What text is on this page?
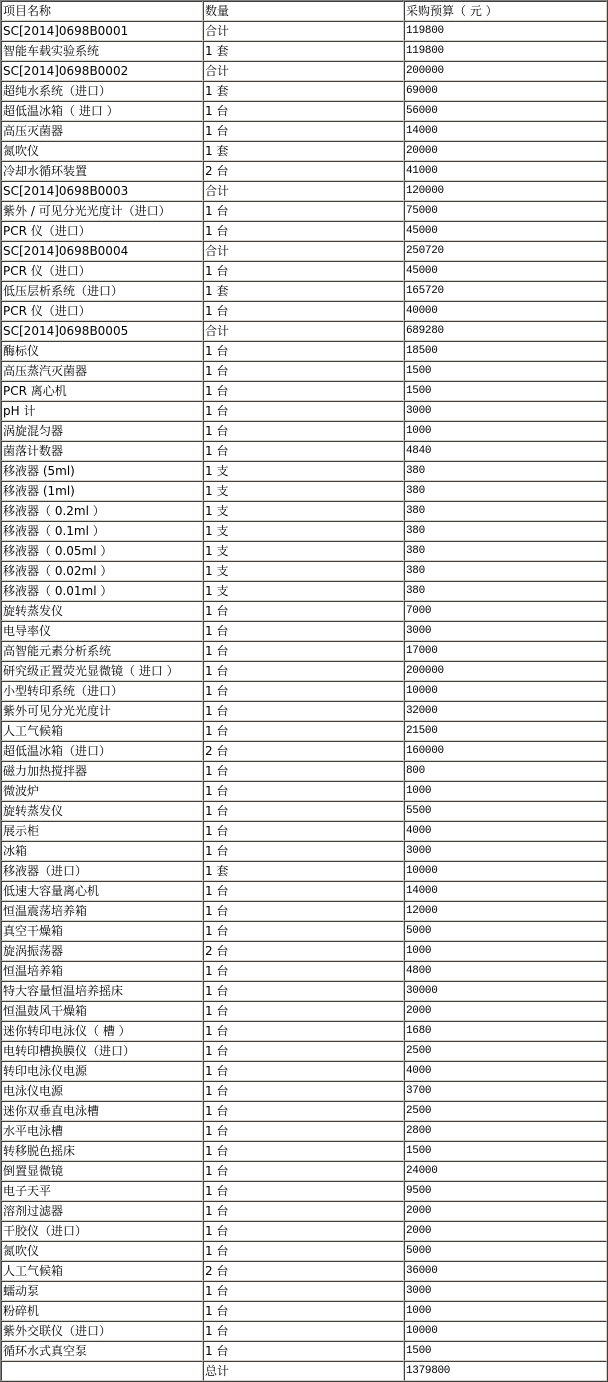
项目名称	数量	采购预算（ 元 ）
SC[2014]0698B0001	合计	119800
智能车载实验系统	1 套	119800
SC[2014]0698B0002	合计	200000
超纯水系统（进口）	1 套	69000
超低温冰箱（ 进口 ）	1 台	56000
高压灭菌器	1 台	14000
氮吹仪	1 套	20000
冷却水循环装置	2 台	41000
SC[2014]0698B0003	合计	120000
紫外 / 可见分光光度计（进口）	1 台	75000
PCR 仪（进口）	1 台	45000
SC[2014]0698B0004	合计	250720
PCR 仪（进口）	1 台	45000
低压层析系统（进口）	1 套	165720
PCR 仪（进口）	1 台	40000
SC[2014]0698B0005	合计	689280
酶标仪	1 台	18500
高压蒸汽灭菌器	1 台	1500
PCR 离心机	1 台	1500
pH 计	1 台	3000
涡旋混匀器	1 台	1000
菌落计数器	1 台	4840
移液器 (5ml)	1 支	380
移液器 (1ml)	1 支	380
移液器（ 0.2ml ）	1 支	380
移液器（ 0.1ml ）	1 支	380
移液器（ 0.05ml ）	1 支	380
移液器（ 0.02ml ）	1 支	380
移液器（ 0.01ml ）	1 支	380
旋转蒸发仪	1 台	7000
电导率仪	1 台	3000
高智能元素分析系统	1 台	17000
研究级正置荧光显微镜（ 进口 ）	1 台	200000
小型转印系统（进口）	1 台	10000
紫外可见分光光度计	1 台	32000
人工气候箱	1 台	21500
超低温冰箱（进口）	2 台	160000
磁力加热搅拌器	1 台	800
微波炉	1 台	1000
旋转蒸发仪	1 台	5500
展示柜	1 台	4000
冰箱	1 台	3000
移液器（进口）	1 套	10000
低速大容量离心机	1 台	14000
恒温震荡培养箱	1 台	12000
真空干燥箱	1 台	5000
旋涡振荡器	2 台	1000
恒温培养箱	1 台	4800
特大容量恒温培养摇床	1 台	30000
恒温鼓风干燥箱	1 台	2000
迷你转印电泳仪（ 槽 ）	1 台	1680
电转印槽换膜仪（进口）	1 台	2500
转印电泳仪电源	1 台	4000
电泳仪电源	1 台	3700
迷你双垂直电泳槽	1 台	2500
水平电泳槽	1 台	2800
转移脱色摇床	1 台	1500
倒置显微镜	1 台	24000
电子天平	1 台	9500
溶剂过滤器	1 台	2000
干胶仪（进口）	1 台	2000
氮吹仪	1 台	5000
人工气候箱	2 台	36000
蠕动泵	1 台	3000
粉碎机	1 台	1000
紫外交联仪（进口）	1 台	10000
循环水式真空泵	1 台	1500
	总计	1379800
